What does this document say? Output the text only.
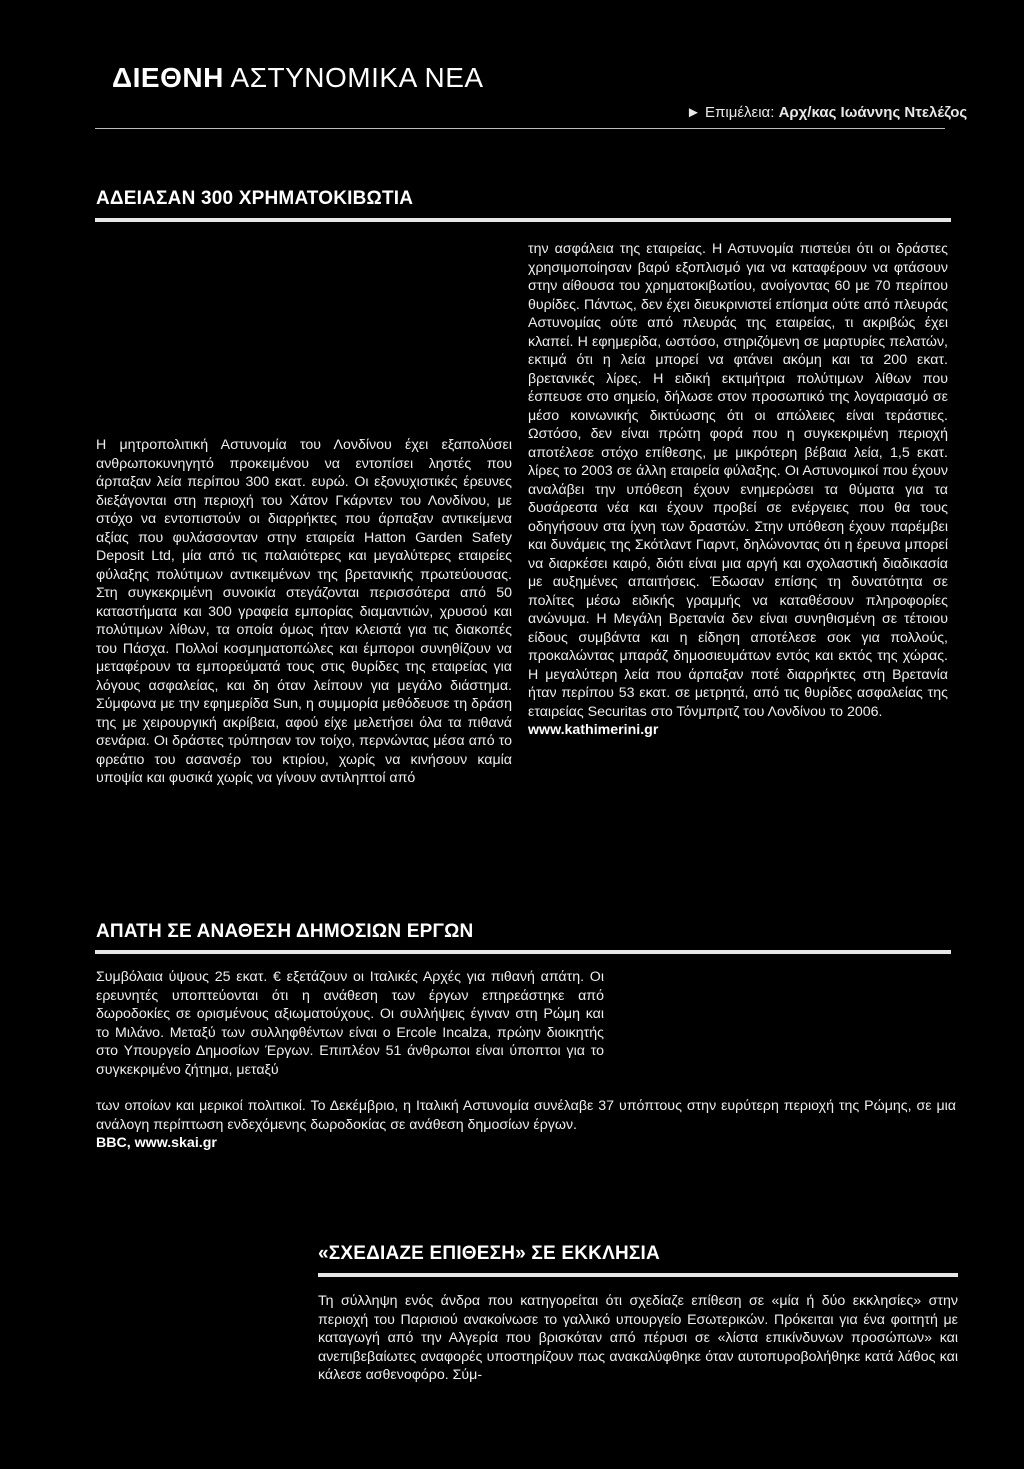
ΔΙΕΘΝΗ ΑΣΤΥΝΟΜΙΚΑ ΝΕΑ
► Επιμέλεια: Αρχ/κας Ιωάννης Ντελέζος
ΑΔΕΙΑΣΑΝ 300 ΧΡΗΜΑΤΟΚΙΒΩΤΙΑ

Η μητροπολιτική Αστυνομία του Λονδίνου έχει εξαπολύσει ανθρωποκυνηγητό προκειμένου να εντοπίσει ληστές που άρπαξαν λεία περίπου 300 εκατ. ευρώ. Οι εξονυχιστικές έρευνες διεξάγονται στη περιοχή του Χάτον Γκάρντεν του Λονδίνου, με στόχο να εντοπιστούν οι διαρρήκτες που άρπαξαν αντικείμενα αξίας που φυλάσσονταν στην εταιρεία Hatton Garden Safety Deposit Ltd, μία από τις παλαιότερες και μεγαλύτερες εταιρείες φύλαξης πολύτιμων αντικειμένων της βρετανικής πρωτεύουσας. Στη συγκεκριμένη συνοικία στεγάζονται περισσότερα από 50 καταστήματα και 300 γραφεία εμπορίας διαμαντιών, χρυσού και πολύτιμων λίθων, τα οποία όμως ήταν κλειστά για τις διακοπές του Πάσχα. Πολλοί κοσμηματοπώλες και έμποροι συνηθίζουν να μεταφέρουν τα εμπορεύματά τους στις θυρίδες της εταιρείας για λόγους ασφαλείας, και δη όταν λείπουν για μεγάλο διάστημα. Σύμφωνα με την εφημερίδα Sun, η συμμορία μεθόδευσε τη δράση της με χειρουργική ακρίβεια, αφού είχε μελετήσει όλα τα πιθανά σενάρια. Οι δράστες τρύπησαν τον τοίχο, περνώντας μέσα από το φρεάτιο του ασανσέρ του κτιρίου, χωρίς να κινήσουν καμία υποψία και φυσικά χωρίς να γίνουν αντιληπτοί από

την ασφάλεια της εταιρείας. Η Αστυνομία πιστεύει ότι οι δράστες χρησιμοποίησαν βαρύ εξοπλισμό για να καταφέρουν να φτάσουν στην αίθουσα του χρηματοκιβωτίου, ανοίγοντας 60 με 70 περίπου θυρίδες. Πάντως, δεν έχει διευκρινιστεί επίσημα ούτε από πλευράς Αστυνομίας ούτε από πλευράς της εταιρείας, τι ακριβώς έχει κλαπεί. Η εφημερίδα, ωστόσο, στηριζόμενη σε μαρτυρίες πελατών, εκτιμά ότι η λεία μπορεί να φτάνει ακόμη και τα 200 εκατ. βρετανικές λίρες. Η ειδική εκτιμήτρια πολύτιμων λίθων που έσπευσε στο σημείο, δήλωσε στον προσωπικό της λογαριασμό σε μέσο κοινωνικής δικτύωσης ότι οι απώλειες είναι τεράστιες. Ωστόσο, δεν είναι πρώτη φορά που η συγκεκριμένη περιοχή αποτέλεσε στόχο επίθεσης, με μικρότερη βέβαια λεία, 1,5 εκατ. λίρες το 2003 σε άλλη εταιρεία φύλαξης. Οι Αστυνομικοί που έχουν αναλάβει την υπόθεση έχουν ενημερώσει τα θύματα για τα δυσάρεστα νέα και έχουν προβεί σε ενέργειες που θα τους οδηγήσουν στα ίχνη των δραστών. Στην υπόθεση έχουν παρέμβει και δυνάμεις της Σκότλαντ Γιαρντ, δηλώνοντας ότι η έρευνα μπορεί να διαρκέσει καιρό, διότι είναι μια αργή και σχολαστική διαδικασία με αυξημένες απαιτήσεις. Έδωσαν επίσης τη δυνατότητα σε πολίτες μέσω ειδικής γραμμής να καταθέσουν πληροφορίες ανώνυμα. Η Μεγάλη Βρετανία δεν είναι συνηθισμένη σε τέτοιου είδους συμβάντα και η είδηση αποτέλεσε σοκ για πολλούς, προκαλώντας μπαράζ δημοσιευμάτων εντός και εκτός της χώρας. Η μεγαλύτερη λεία που άρπαξαν ποτέ διαρρήκτες στη Βρετανία ήταν περίπου 53 εκατ. σε μετρητά, από τις θυρίδες ασφαλείας της εταιρείας Securitas στο Τόνμπριτζ του Λονδίνου το 2006.

www.kathimerini.gr

ΑΠΑΤΗ ΣΕ ΑΝΑΘΕΣΗ ΔΗΜΟΣΙΩΝ ΕΡΓΩΝ

Συμβόλαια ύψους 25 εκατ. € εξετάζουν οι Ιταλικές Αρχές για πιθανή απάτη. Οι ερευνητές υποπτεύονται ότι η ανάθεση των έργων επηρεάστηκε από δωροδοκίες σε ορισμένους αξιωματούχους. Οι συλλήψεις έγιναν στη Ρώμη και το Μιλάνο. Μεταξύ των συλληφθέντων είναι ο Ercole Incalza, πρώην διοικητής στο Υπουργείο Δημοσίων Έργων. Επιπλέον 51 άνθρωποι είναι ύποπτοι για το συγκεκριμένο ζήτημα, μεταξύ

των οποίων και μερικοί πολιτικοί. Το Δεκέμβριο, η Ιταλική Αστυνομία συνέλαβε 37 υπόπτους στην ευρύτερη περιοχή της Ρώμης, σε μια ανάλογη περίπτωση ενδεχόμενης δωροδοκίας σε ανάθεση δημοσίων έργων.

BBC, www.skai.gr

«ΣΧΕΔΙΑΖΕ ΕΠΙΘΕΣΗ» ΣΕ ΕΚΚΛΗΣΙΑ

Τη σύλληψη ενός άνδρα που κατηγορείται ότι σχεδίαζε επίθεση σε «μία ή δύο εκκλησίες» στην περιοχή του Παρισιού ανακοίνωσε το γαλλικό υπουργείο Εσωτερικών. Πρόκειται για ένα φοιτητή με καταγωγή από την Αλγερία που βρισκόταν από πέρυσι σε «λίστα επικίνδυνων προσώπων» και ανεπιβεβαίωτες αναφορές υποστηρίζουν πως ανακαλύφθηκε όταν αυτοπυροβολήθηκε κατά λάθος και κάλεσε ασθενοφόρο. Σύμ-
